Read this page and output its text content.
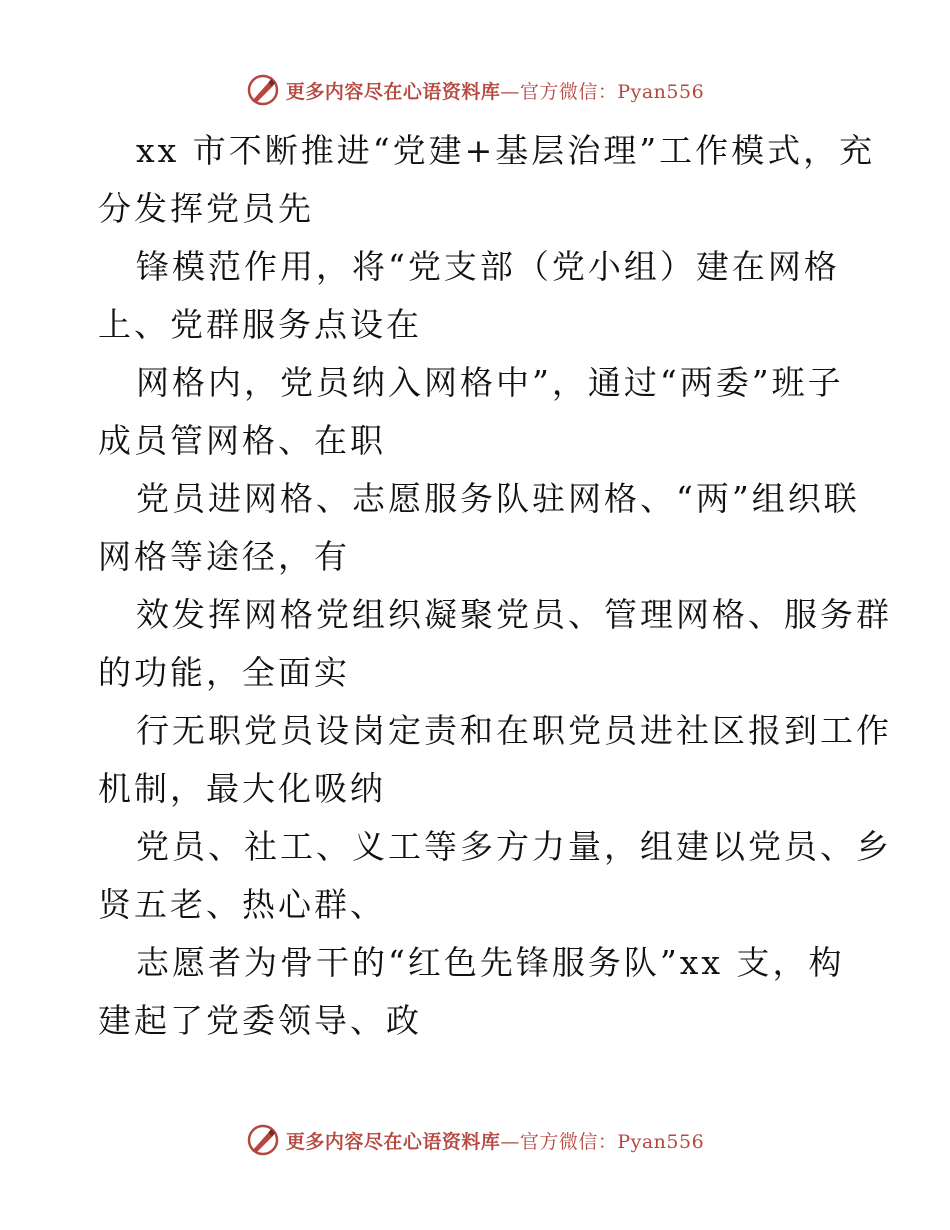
更多内容尽在心语资料库—官方微信：Pyan556
xx 市不断推进“党建+基层治理”工作模式，充
分发挥党员先
锋模范作用，将“党支部（党小组）建在网格
上、党群服务点设在
网格内，党员纳入网格中”，通过“两委”班子
成员管网格、在职
党员进网格、志愿服务队驻网格、“两”组织联
网格等途径，有
效发挥网格党组织凝聚党员、管理网格、服务群
的功能，全面实
行无职党员设岗定责和在职党员进社区报到工作
机制，最大化吸纳
党员、社工、义工等多方力量，组建以党员、乡
贤五老、热心群、
志愿者为骨干的“红色先锋服务队”xx 支，构
建起了党委领导、政
更多内容尽在心语资料库—官方微信：Pyan556
